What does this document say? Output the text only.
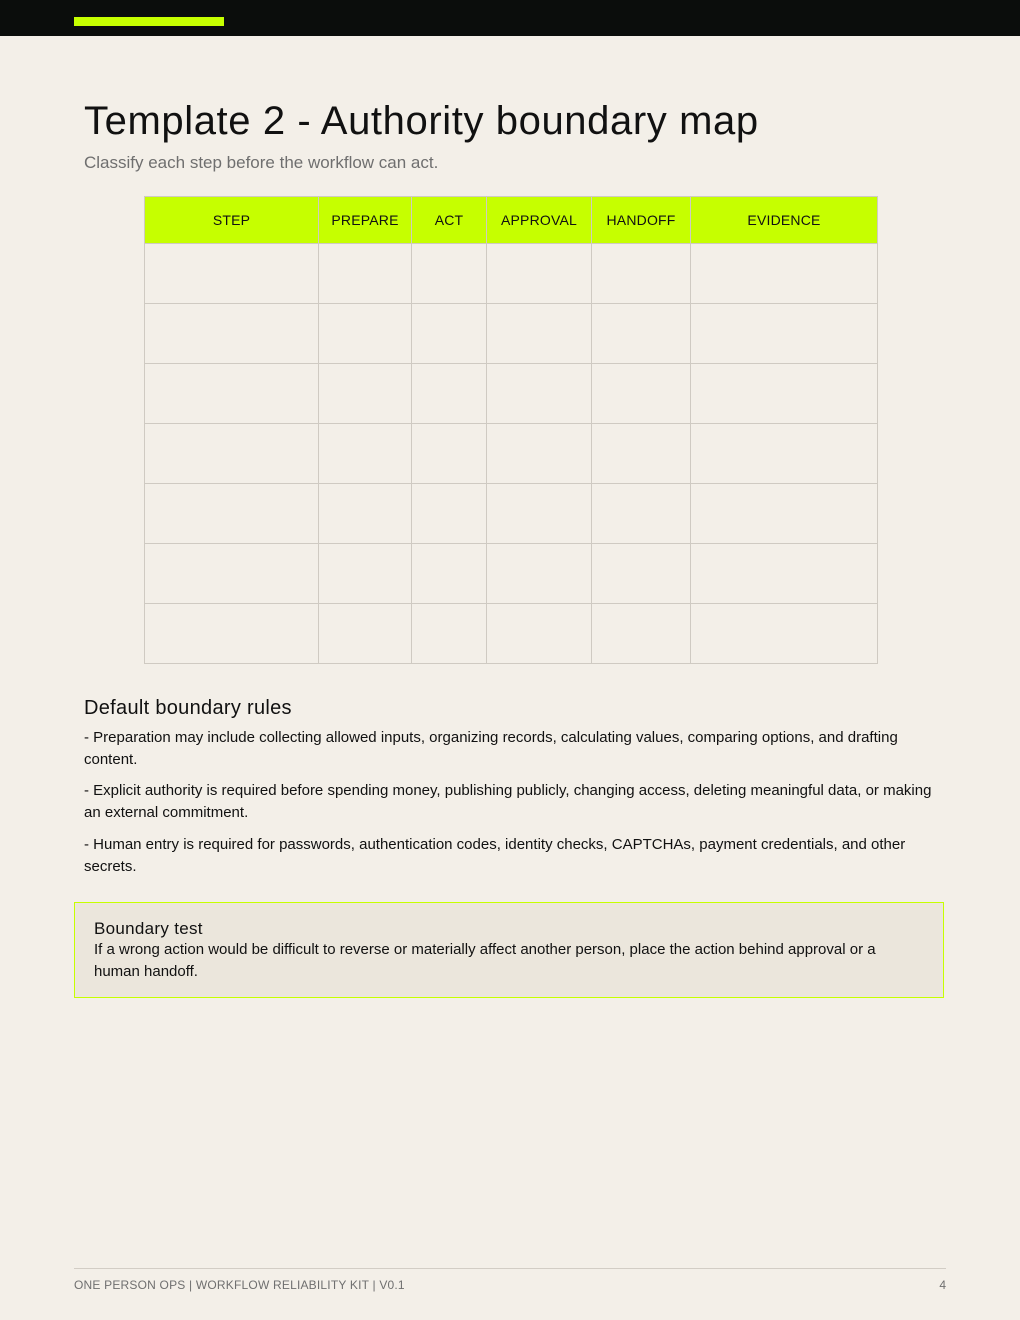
Template 2 - Authority boundary map

Classify each step before the workflow can act.

STEP	PREPARE	ACT	APPROVAL	HANDOFF	EVIDENCE

Default boundary rules

- Preparation may include collecting allowed inputs, organizing records, calculating values, comparing options, and drafting content.

- Explicit authority is required before spending money, publishing publicly, changing access, deleting meaningful data, or making an external commitment.

- Human entry is required for passwords, authentication codes, identity checks, CAPTCHAs, payment credentials, and other secrets.

Boundary test

If a wrong action would be difficult to reverse or materially affect another person, place the action behind approval or a human handoff.

ONE PERSON OPS | WORKFLOW RELIABILITY KIT | V0.1	4
